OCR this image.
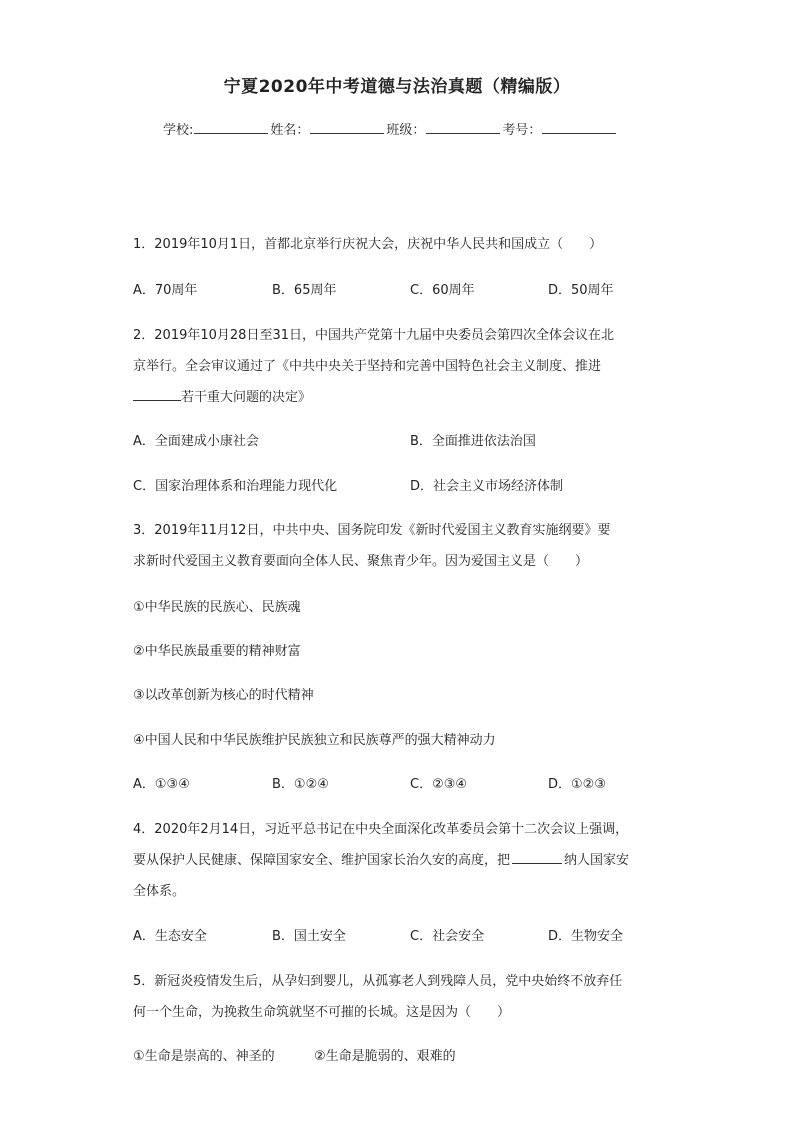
宁夏2020年中考道德与法治真题（精编版）
学校:	姓名：	班级：	考号：
1．2019年10月1日，首都北京举行庆祝大会，庆祝中华人民共和国成立（　　）
A．70周年	B．65周年	C．60周年	D．50周年
2．2019年10月28日至31日，中国共产党第十九届中央委员会第四次全体会议在北
京举行。全会审议通过了《中共中央关于坚持和完善中国特色社会主义制度、推进
若干重大问题的决定》
A．全面建成小康社会	B．全面推进依法治国
C．国家治理体系和治理能力现代化	D．社会主义市场经济体制
3．2019年11月12日，中共中央、国务院印发《新时代爱国主义教育实施纲要》要
求新时代爱国主义教育要面向全体人民、聚焦青少年。因为爱国主义是（　　）
①中华民族的民族心、民族魂
②中华民族最重要的精神财富
③以改革创新为核心的时代精神
④中国人民和中华民族维护民族独立和民族尊严的强大精神动力
A．①③④	B．①②④	C．②③④	D．①②③
4．2020年2月14日，习近平总书记在中央全面深化改革委员会第十二次会议上强调，
要从保护人民健康、保障国家安全、维护国家长治久安的高度，把	纳人国家安
全体系。
A．生态安全	B．国土安全	C．社会安全	D．生物安全
5．新冠炎疫情发生后，从孕妇到婴儿，从孤寡老人到残障人员，党中央始终不放弃任
何一个生命，为挽救生命筑就坚不可摧的长城。这是因为（　　）
①生命是崇高的、神圣的	②生命是脆弱的、艰难的
